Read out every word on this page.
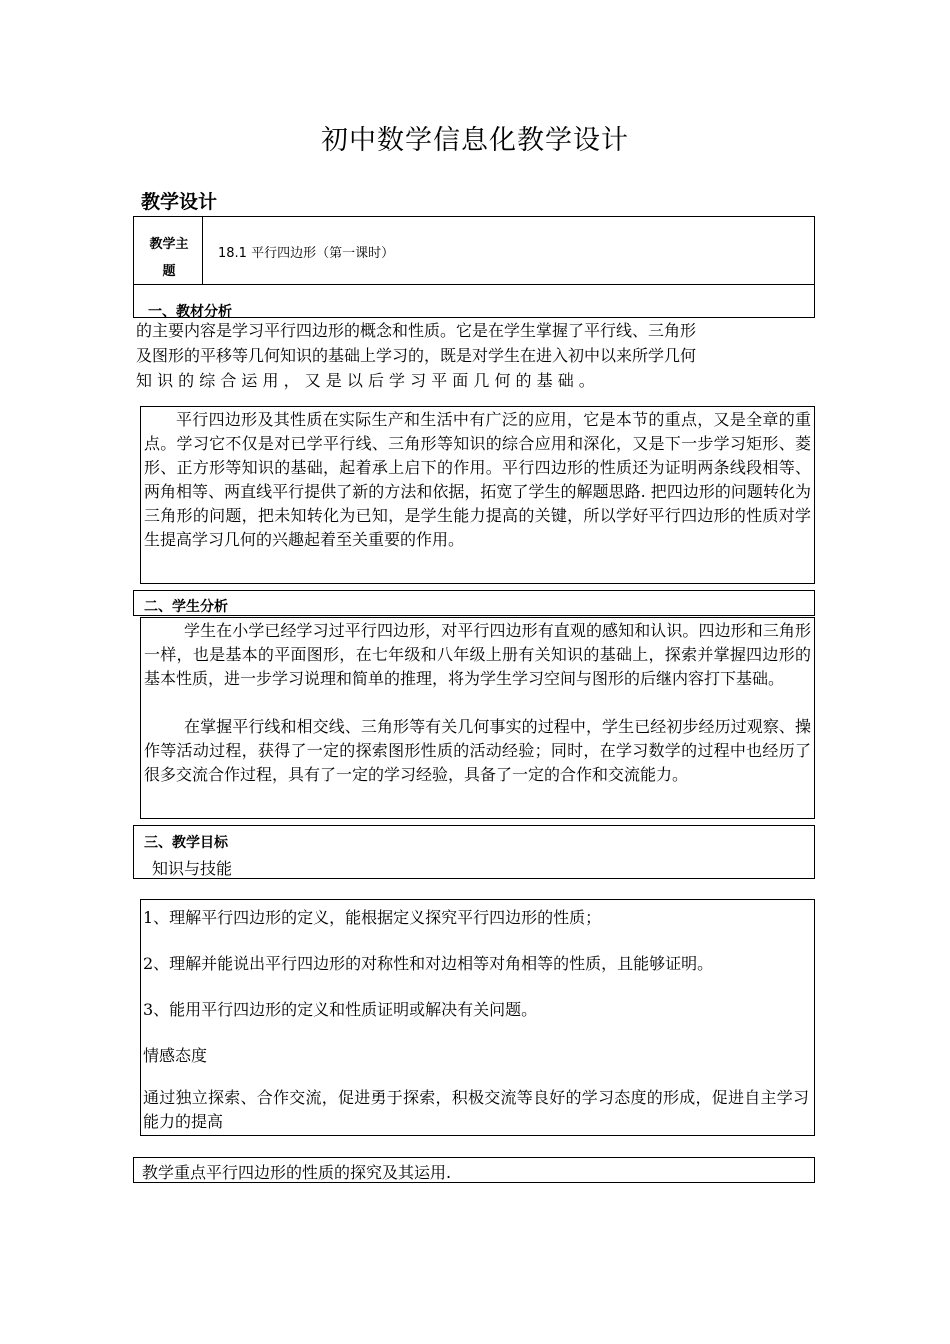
初中数学信息化教学设计
教学设计
教学主题
18.1 平行四边形（第一课时）
一、教材分析
的主要内容是学习平行四边形的概念和性质。它是在学生掌握了平行线、三角形
及图形的平移等几何知识的基础上学习的，既是对学生在进入初中以来所学几何
知 识 的 综 合 运 用 ， 又 是 以 后 学 习 平 面 几 何 的 基 础 。
平行四边形及其性质在实际生产和生活中有广泛的应用，它是本节的重点，又是全章的重点。学习它不仅是对已学平行线、三角形等知识的综合应用和深化，又是下一步学习矩形、菱形、正方形等知识的基础，起着承上启下的作用。平行四边形的性质还为证明两条线段相等、两角相等、两直线平行提供了新的方法和依据，拓宽了学生的解题思路. 把四边形的问题转化为三角形的问题，把未知转化为已知，是学生能力提高的关键，所以学好平行四边形的性质对学生提高学习几何的兴趣起着至关重要的作用。
二、学生分析
学生在小学已经学习过平行四边形，对平行四边形有直观的感知和认识。四边形和三角形一样，也是基本的平面图形，在七年级和八年级上册有关知识的基础上，探索并掌握四边形的基本性质，进一步学习说理和简单的推理，将为学生学习空间与图形的后继内容打下基础。
在掌握平行线和相交线、三角形等有关几何事实的过程中，学生已经初步经历过观察、操作等活动过程，获得了一定的探索图形性质的活动经验；同时，在学习数学的过程中也经历了很多交流合作过程，具有了一定的学习经验，具备了一定的合作和交流能力。
三、教学目标
知识与技能
1、理解平行四边形的定义，能根据定义探究平行四边形的性质；
2、理解并能说出平行四边形的对称性和对边相等对角相等的性质，且能够证明。
3、能用平行四边形的定义和性质证明或解决有关问题。
情感态度
通过独立探索、合作交流，促进勇于探索，积极交流等良好的学习态度的形成，促进自主学习能力的提高
教学重点平行四边形的性质的探究及其运用.
